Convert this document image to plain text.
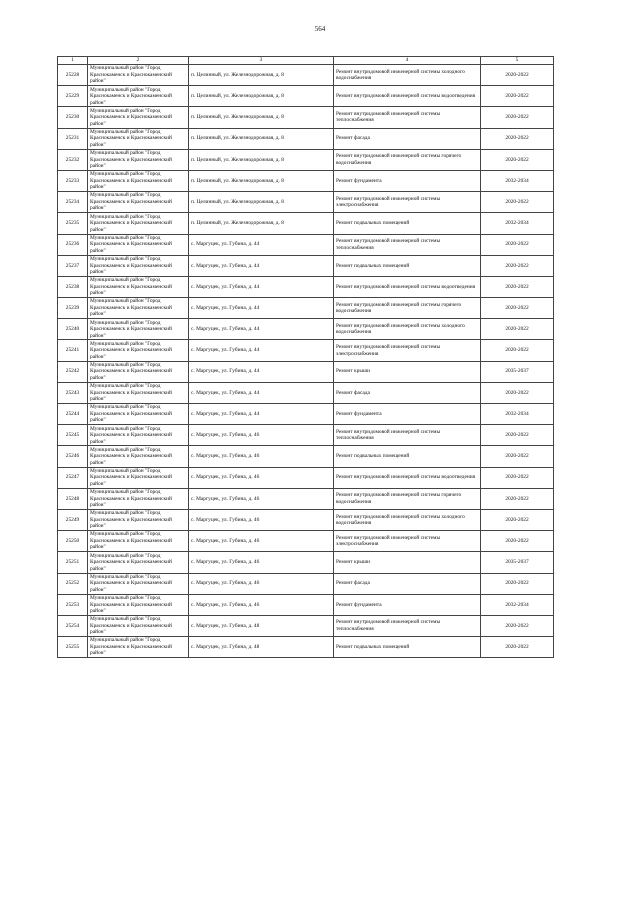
564
1	2	3	4	5
25228	Муниципальный район "Город Краснокаменск и Краснокаменский район"	п. Целинный, ул. Железнодорожная, д. 8	Ремонт внутридомовой инженерной системы холодного водоснабжения	2020-2022
25229	Муниципальный район "Город Краснокаменск и Краснокаменский район"	п. Целинный, ул. Железнодорожная, д. 8	Ремонт внутридомовой инженерной системы водоотведения	2020-2022
25230	Муниципальный район "Город Краснокаменск и Краснокаменский район"	п. Целинный, ул. Железнодорожная, д. 8	Ремонт внутридомовой инженерной системы теплоснабжения	2020-2022
25231	Муниципальный район "Город Краснокаменск и Краснокаменский район"	п. Целинный, ул. Железнодорожная, д. 8	Ремонт фасада	2020-2022
25232	Муниципальный район "Город Краснокаменск и Краснокаменский район"	п. Целинный, ул. Железнодорожная, д. 8	Ремонт внутридомовой инженерной системы горячего водоснабжения	2020-2022
25233	Муниципальный район "Город Краснокаменск и Краснокаменский район"	п. Целинный, ул. Железнодорожная, д. 8	Ремонт фундамента	2032-2034
25234	Муниципальный район "Город Краснокаменск и Краснокаменский район"	п. Целинный, ул. Железнодорожная, д. 8	Ремонт внутридомовой инженерной системы электроснабжения	2020-2022
25235	Муниципальный район "Город Краснокаменск и Краснокаменский район"	п. Целинный, ул. Железнодорожная, д. 8	Ремонт подвальных помещений	2032-2034
25236	Муниципальный район "Город Краснокаменск и Краснокаменский район"	с. Маргуцек, ул. Губина, д. 44	Ремонт внутридомовой инженерной системы теплоснабжения	2020-2022
25237	Муниципальный район "Город Краснокаменск и Краснокаменский район"	с. Маргуцек, ул. Губина, д. 44	Ремонт подвальных помещений	2020-2022
25238	Муниципальный район "Город Краснокаменск и Краснокаменский район"	с. Маргуцек, ул. Губина, д. 44	Ремонт внутридомовой инженерной системы водоотведения	2020-2022
25239	Муниципальный район "Город Краснокаменск и Краснокаменский район"	с. Маргуцек, ул. Губина, д. 44	Ремонт внутридомовой инженерной системы горячего водоснабжения	2020-2022
25240	Муниципальный район "Город Краснокаменск и Краснокаменский район"	с. Маргуцек, ул. Губина, д. 44	Ремонт внутридомовой инженерной системы холодного водоснабжения	2020-2022
25241	Муниципальный район "Город Краснокаменск и Краснокаменский район"	с. Маргуцек, ул. Губина, д. 44	Ремонт внутридомовой инженерной системы электроснабжения	2020-2022
25242	Муниципальный район "Город Краснокаменск и Краснокаменский район"	с. Маргуцек, ул. Губина, д. 44	Ремонт крыши	2035-2037
25243	Муниципальный район "Город Краснокаменск и Краснокаменский район"	с. Маргуцек, ул. Губина, д. 44	Ремонт фасада	2020-2022
25244	Муниципальный район "Город Краснокаменск и Краснокаменский район"	с. Маргуцек, ул. Губина, д. 44	Ремонт фундамента	2032-2034
25245	Муниципальный район "Город Краснокаменск и Краснокаменский район"	с. Маргуцек, ул. Губина, д. 46	Ремонт внутридомовой инженерной системы теплоснабжения	2020-2022
25246	Муниципальный район "Город Краснокаменск и Краснокаменский район"	с. Маргуцек, ул. Губина, д. 46	Ремонт подвальных помещений	2020-2022
25247	Муниципальный район "Город Краснокаменск и Краснокаменский район"	с. Маргуцек, ул. Губина, д. 46	Ремонт внутридомовой инженерной системы водоотведения	2020-2022
25248	Муниципальный район "Город Краснокаменск и Краснокаменский район"	с. Маргуцек, ул. Губина, д. 46	Ремонт внутридомовой инженерной системы горячего водоснабжения	2020-2022
25249	Муниципальный район "Город Краснокаменск и Краснокаменский район"	с. Маргуцек, ул. Губина, д. 46	Ремонт внутридомовой инженерной системы холодного водоснабжения	2020-2022
25250	Муниципальный район "Город Краснокаменск и Краснокаменский район"	с. Маргуцек, ул. Губина, д. 46	Ремонт внутридомовой инженерной системы электроснабжения	2020-2022
25251	Муниципальный район "Город Краснокаменск и Краснокаменский район"	с. Маргуцек, ул. Губина, д. 46	Ремонт крыши	2035-2037
25252	Муниципальный район "Город Краснокаменск и Краснокаменский район"	с. Маргуцек, ул. Губина, д. 46	Ремонт фасада	2020-2022
25253	Муниципальный район "Город Краснокаменск и Краснокаменский район"	с. Маргуцек, ул. Губина, д. 46	Ремонт фундамента	2032-2034
25254	Муниципальный район "Город Краснокаменск и Краснокаменский район"	с. Маргуцек, ул. Губина, д. 48	Ремонт внутридомовой инженерной системы теплоснабжения	2020-2022
25255	Муниципальный район "Город Краснокаменск и Краснокаменский район"	с. Маргуцек, ул. Губина, д. 48	Ремонт подвальных помещений	2020-2022
